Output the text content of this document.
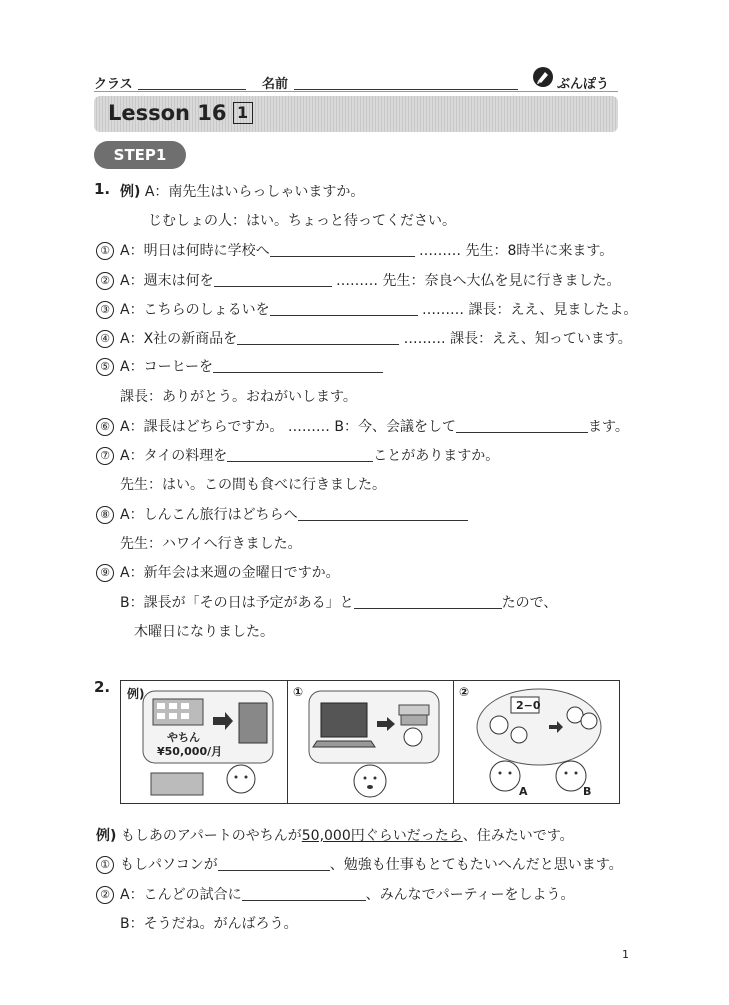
クラス	名前	ぶんぽう
Lesson 16 1
STEP1
1. 例) A：南先生はいらっしゃいますか。
じむしょの人：はい。ちょっと待ってください。
① A：明日は何時に学校へ	……… 先生：8時半に来ます。
② A：週末は何を	……… 先生：奈良へ大仏を見に行きました。
③ A：こちらのしょるいを	……… 課長：ええ、見ましたよ。
④ A：X社の新商品を	……… 課長：ええ、知っています。
⑤ A：コーヒーを
課長：ありがとう。おねがいします。
⑥ A：課長はどちらですか。 ……… B：今、会議をして	ます。
⑦ A：タイの料理を	ことがありますか。
先生：はい。この間も食べに行きました。
⑧ A：しんこん旅行はどちらへ
先生：ハワイへ行きました。
⑨ A：新年会は来週の金曜日ですか。
B：課長が「その日は予定がある」と	たので、
木曜日になりました。
2. 例)
やちん
¥50,000/月
①	②
2−0
A	B
例) もしあのアパートのやちんが50,000円ぐらいだったら、住みたいです。
① もしパソコンが	、勉強も仕事もとてもたいへんだと思います。
② A：こんどの試合に	、みんなでパーティーをしよう。
B：そうだね。がんばろう。
1
